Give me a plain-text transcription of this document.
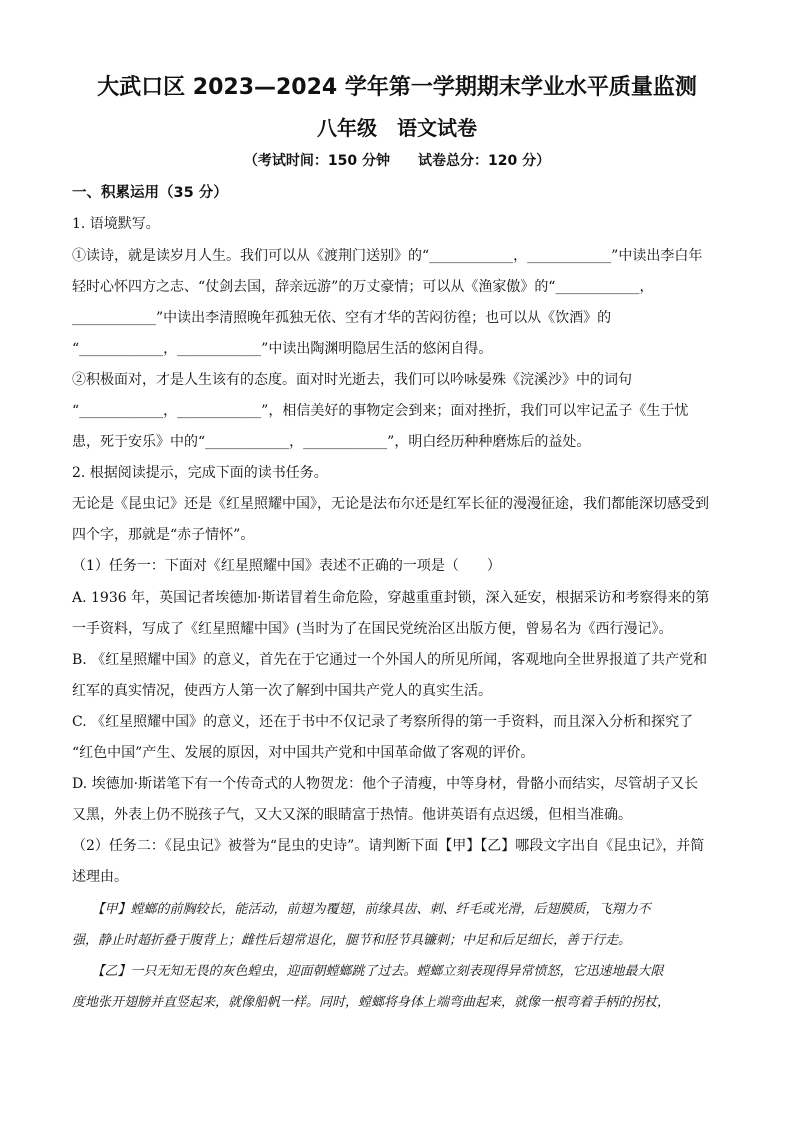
大武口区 2023—2024 学年第一学期期末学业水平质量监测
八年级　语文试卷
（考试时间：150 分钟　　试卷总分：120 分）
一、积累运用（35 分）
1. 语境默写。
①读诗，就是读岁月人生。我们可以从《渡荆门送别》的“____________，____________”中读出李白年
轻时心怀四方之志、“仗剑去国，辞亲远游”的万丈豪情；可以从《渔家傲》的“____________，
____________”中读出李清照晚年孤独无依、空有才华的苦闷彷徨；也可以从《饮酒》的
“____________，____________”中读出陶渊明隐居生活的悠闲自得。
②积极面对，才是人生该有的态度。面对时光逝去，我们可以吟咏晏殊《浣溪沙》中的词句
“____________，____________”，相信美好的事物定会到来；面对挫折，我们可以牢记孟子《生于忧
患，死于安乐》中的“____________，____________”，明白经历种种磨炼后的益处。
2. 根据阅读提示，完成下面的读书任务。
无论是《昆虫记》还是《红星照耀中国》，无论是法布尔还是红军长征的漫漫征途，我们都能深切感受到
四个字，那就是“赤子情怀”。
（1）任务一：下面对《红星照耀中国》表述不正确的一项是（　　）
A. 1936 年，英国记者埃德加·斯诺冒着生命危险，穿越重重封锁，深入延安，根据采访和考察得来的第
一手资料，写成了《红星照耀中国》(当时为了在国民党统治区出版方便，曾易名为《西行漫记》。
B. 《红星照耀中国》的意义，首先在于它通过一个外国人的所见所闻，客观地向全世界报道了共产党和
红军的真实情况，使西方人第一次了解到中国共产党人的真实生活。
C. 《红星照耀中国》的意义，还在于书中不仅记录了考察所得的第一手资料，而且深入分析和探究了
“红色中国”产生、发展的原因，对中国共产党和中国革命做了客观的评价。
D. 埃德加·斯诺笔下有一个传奇式的人物贺龙：他个子清瘦，中等身材，骨骼小而结实，尽管胡子又长
又黑，外表上仍不脱孩子气，又大又深的眼睛富于热情。他讲英语有点迟缓，但相当准确。
（2）任务二：《昆虫记》被誉为“昆虫的史诗”。请判断下面【甲】【乙】哪段文字出自《昆虫记》，并简
述理由。
　　【甲】螳螂的前胸较长，能活动，前翅为覆翅，前缘具齿、刺、纤毛或光滑，后翅膜质，飞翔力不
强，静止时超折叠于腹背上；雌性后翅常退化，腿节和胫节具镰刺；中足和后足细长，善于行走。
　　【乙】一只无知无畏的灰色蝗虫，迎面朝螳螂跳了过去。螳螂立刻表现得异常愤怒，它迅速地最大限
度地张开翅膀并直竖起来，就像船帆一样。同时，螳螂将身体上端弯曲起来，就像一根弯着手柄的拐杖，
